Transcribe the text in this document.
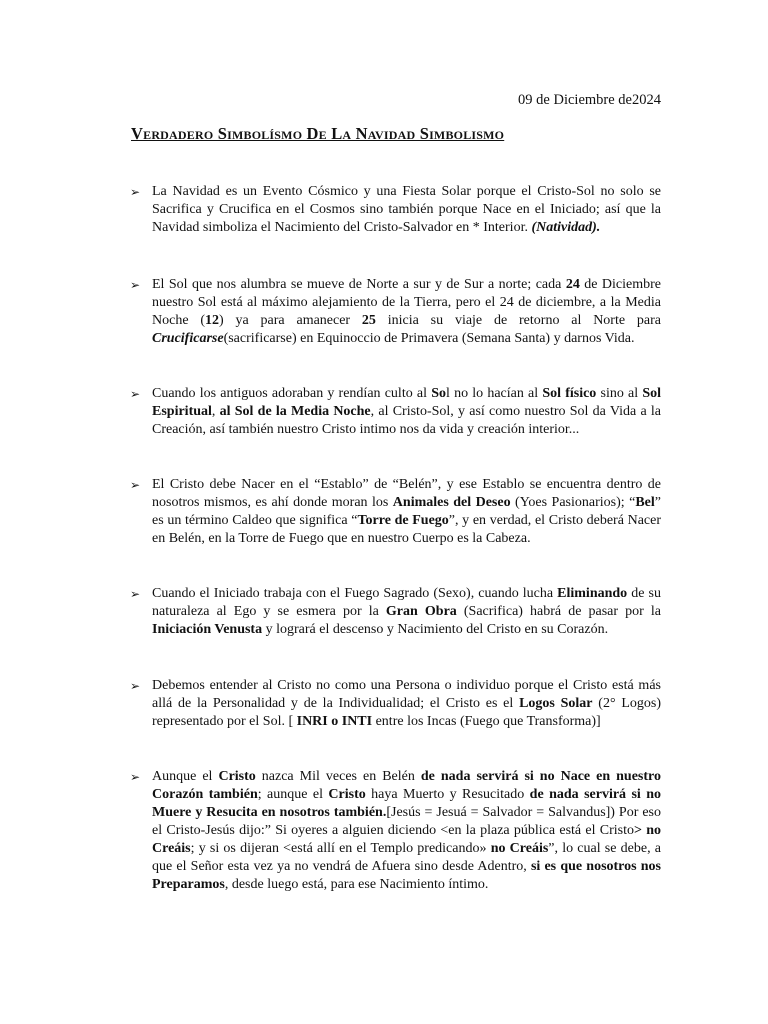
09 de Diciembre de2024
Verdadero Simbolísmo De La Navidad Simbolismo
➢ La Navidad es un Evento Cósmico y una Fiesta Solar porque el Cristo-Sol no solo se Sacrifica y Crucifica en el Cosmos sino también porque Nace en el Iniciado; así que la Navidad simboliza el Nacimiento del Cristo-Salvador en * Interior. (Natividad).
➢ El Sol que nos alumbra se mueve de Norte a sur y de Sur a norte; cada 24 de Diciembre nuestro Sol está al máximo alejamiento de la Tierra, pero el 24 de diciembre, a la Media Noche (12) ya para amanecer 25 inicia su viaje de retorno al Norte para Crucificarse(sacrificarse) en Equinoccio de Primavera (Semana Santa) y darnos Vida.
➢ Cuando los antiguos adoraban y rendían culto al Sol no lo hacían al Sol físico sino al Sol Espiritual, al Sol de la Media Noche, al Cristo-Sol, y así como nuestro Sol da Vida a la Creación, así también nuestro Cristo intimo nos da vida y creación interior...
➢ El Cristo debe Nacer en el “Establo” de “Belén”, y ese Establo se encuentra dentro de nosotros mismos, es ahí donde moran los Animales del Deseo (Yoes Pasionarios); “Bel” es un término Caldeo que significa “Torre de Fuego”, y en verdad, el Cristo deberá Nacer en Belén, en la Torre de Fuego que en nuestro Cuerpo es la Cabeza.
➢ Cuando el Iniciado trabaja con el Fuego Sagrado (Sexo), cuando lucha Eliminando de su naturaleza al Ego y se esmera por la Gran Obra (Sacrifica) habrá de pasar por la Iniciación Venusta y logrará el descenso y Nacimiento del Cristo en su Corazón.
➢ Debemos entender al Cristo no como una Persona o individuo porque el Cristo está más allá de la Personalidad y de la Individualidad; el Cristo es el Logos Solar (2° Logos) representado por el Sol. [ INRI o INTI entre los Incas (Fuego que Transforma)]
➢ Aunque el Cristo nazca Mil veces en Belén de nada servirá si no Nace en nuestro Corazón también; aunque el Cristo haya Muerto y Resucitado de nada servirá si no Muere y Resucita en nosotros también.[Jesús = Jesuá = Salvador = Salvandus]) Por eso el Cristo-Jesús dijo:” Si oyeres a alguien diciendo <en la plaza pública está el Cristo> no Creáis; y si os dijeran <está allí en el Templo predicando» no Creáis”, lo cual se debe, a que el Señor esta vez ya no vendrá de Afuera sino desde Adentro, si es que nosotros nos Preparamos, desde luego está, para ese Nacimiento íntimo.
